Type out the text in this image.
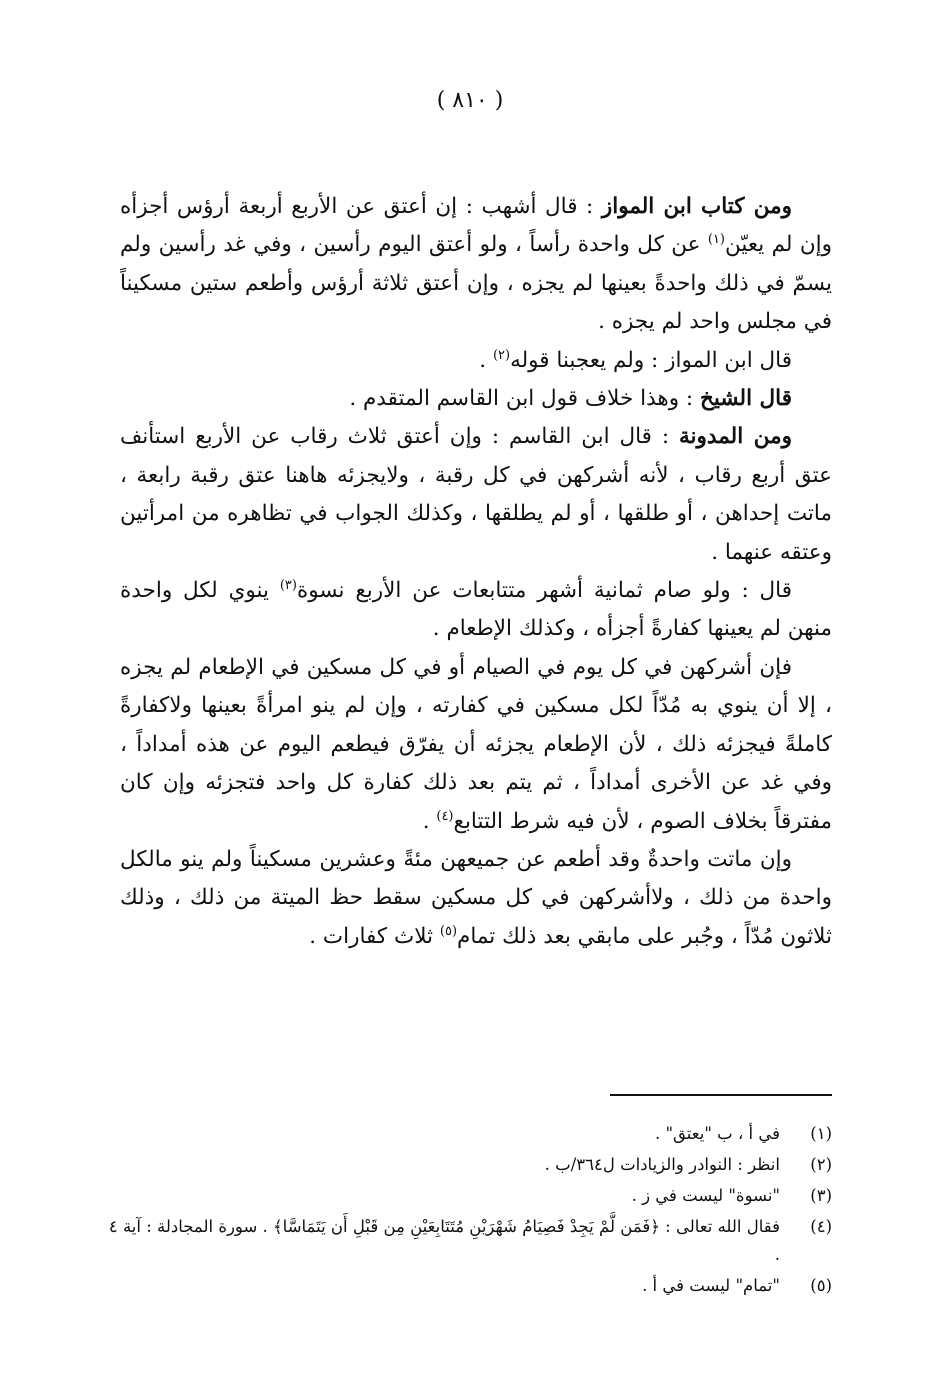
( ٨١٠ )

ومن كتاب ابن المواز : قال أشهب : إن أعتق عن الأربع أربعة أرؤس أجزأه وإن لم يعيّن$^{(١)}$ عن كل واحدة رأساً ، ولو أعتق اليوم رأسين ، وفي غد رأسين ولم يسمّ في ذلك واحدةً بعينها لم يجزه ، وإن أعتق ثلاثة أرؤس وأطعم ستين مسكيناً في مجلس واحد لم يجزه .

قال ابن المواز : ولم يعجبنا قوله$^{(٢)}$ .

قال الشيخ : وهذا خلاف قول ابن القاسم المتقدم .

ومن المدونة : قال ابن القاسم : وإن أعتق ثلاث رقاب عن الأربع استأنف عتق أربع رقاب ، لأنه أشركهن في كل رقبة ، ولايجزئه هاهنا عتق رقبة رابعة ، ماتت إحداهن ، أو طلقها ، أو لم يطلقها ، وكذلك الجواب في تظاهره من امرأتين وعتقه عنهما .

قال : ولو صام ثمانية أشهر متتابعات عن الأربع نسوة$^{(٣)}$ ينوي لكل واحدة منهن لم يعينها كفارةً أجزأه ، وكذلك الإطعام .

فإن أشركهن في كل يوم في الصيام أو في كل مسكين في الإطعام لم يجزه ، إلا أن ينوي به مُدّاً لكل مسكين في كفارته ، وإن لم ينو امرأةً بعينها ولاكفارةً كاملةً فيجزئه ذلك ، لأن الإطعام يجزئه أن يفرّق فيطعم اليوم عن هذه أمداداً ، وفي غد عن الأخرى أمداداً ، ثم يتم بعد ذلك كفارة كل واحد فتجزئه وإن كان مفترقاً بخلاف الصوم ، لأن فيه شرط التتابع$^{(٤)}$ .

وإن ماتت واحدةٌ وقد أطعم عن جميعهن مئةً وعشرين مسكيناً ولم ينو مالكل واحدة من ذلك ، ولاأشركهن في كل مسكين سقط حظ الميتة من ذلك ، وذلك ثلاثون مُدّاً ، وجُبر على مابقي بعد ذلك تمام$^{(٥)}$ ثلاث كفارات .

(١)
في أ ، ب "يعتق" .
(٢)
انظر : النوادر والزيادات ل٣٦٤/ب .
(٣)
"نسوة" ليست في ز .
(٤)
فقال الله تعالى : ﴿فَمَن لَّمْ يَجِدْ فَصِيَامُ شَهْرَيْنِ مُتَتَابِعَيْنِ مِن قَبْلِ أَن يَتَمَاسَّا﴾ . سورة المجادلة : آية ٤ .
(٥)
"تمام" ليست في أ .
